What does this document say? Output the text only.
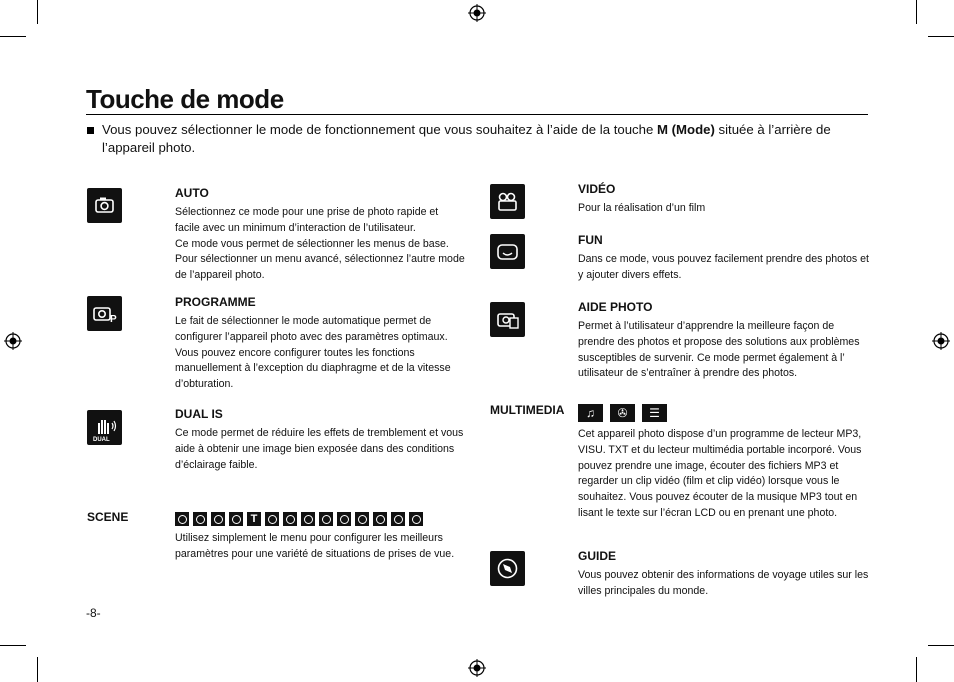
Touche de mode
Vous pouvez sélectionner le mode de fonctionnement que vous souhaitez à l’aide de la touche M (Mode) située à l’arrière de l’appareil photo.
AUTO
Sélectionnez ce mode pour une prise de photo rapide et facile avec un minimum d’interaction de l’utilisateur.
Ce mode vous permet de sélectionner les menus de base. Pour sélectionner un menu avancé, sélectionnez l’autre mode de l’appareil photo.
P
PROGRAMME
Le fait de sélectionner le mode automatique permet de configurer l’appareil photo avec des paramètres optimaux. Vous pouvez encore configurer toutes les fonctions manuellement à l’exception du diaphragme et de la vitesse d’obturation.
DUAL
DUAL IS
Ce mode permet de réduire les effets de tremblement et vous aide à obtenir une image bien exposée dans des conditions d’éclairage faible.
SCENE	T
Utilisez simplement le menu pour configurer les meilleurs paramètres pour une variété de situations de prises de vue.
VIDÉO
Pour la réalisation d’un film
FUN
Dans ce mode, vous pouvez facilement prendre des photos et y ajouter divers effets.
AIDE PHOTO
Permet à l’utilisateur d’apprendre la meilleure façon de prendre des photos et propose des solutions aux problèmes susceptibles de survenir. Ce mode permet également à l’ utilisateur de s’entraîner à prendre des photos.
MULTIMEDIA	♫	✇	☰
Cet appareil photo dispose d’un programme de lecteur MP3, VISU. TXT et du lecteur multimédia portable incorporé. Vous pouvez prendre une image, écouter des fichiers MP3 et regarder un clip vidéo (film et clip vidéo) lorsque vous le souhaitez. Vous pouvez écouter de la musique MP3 tout en lisant le texte sur l’écran LCD ou en prenant une photo.
GUIDE
Vous pouvez obtenir des informations de voyage utiles sur les villes principales du monde.
-8-
